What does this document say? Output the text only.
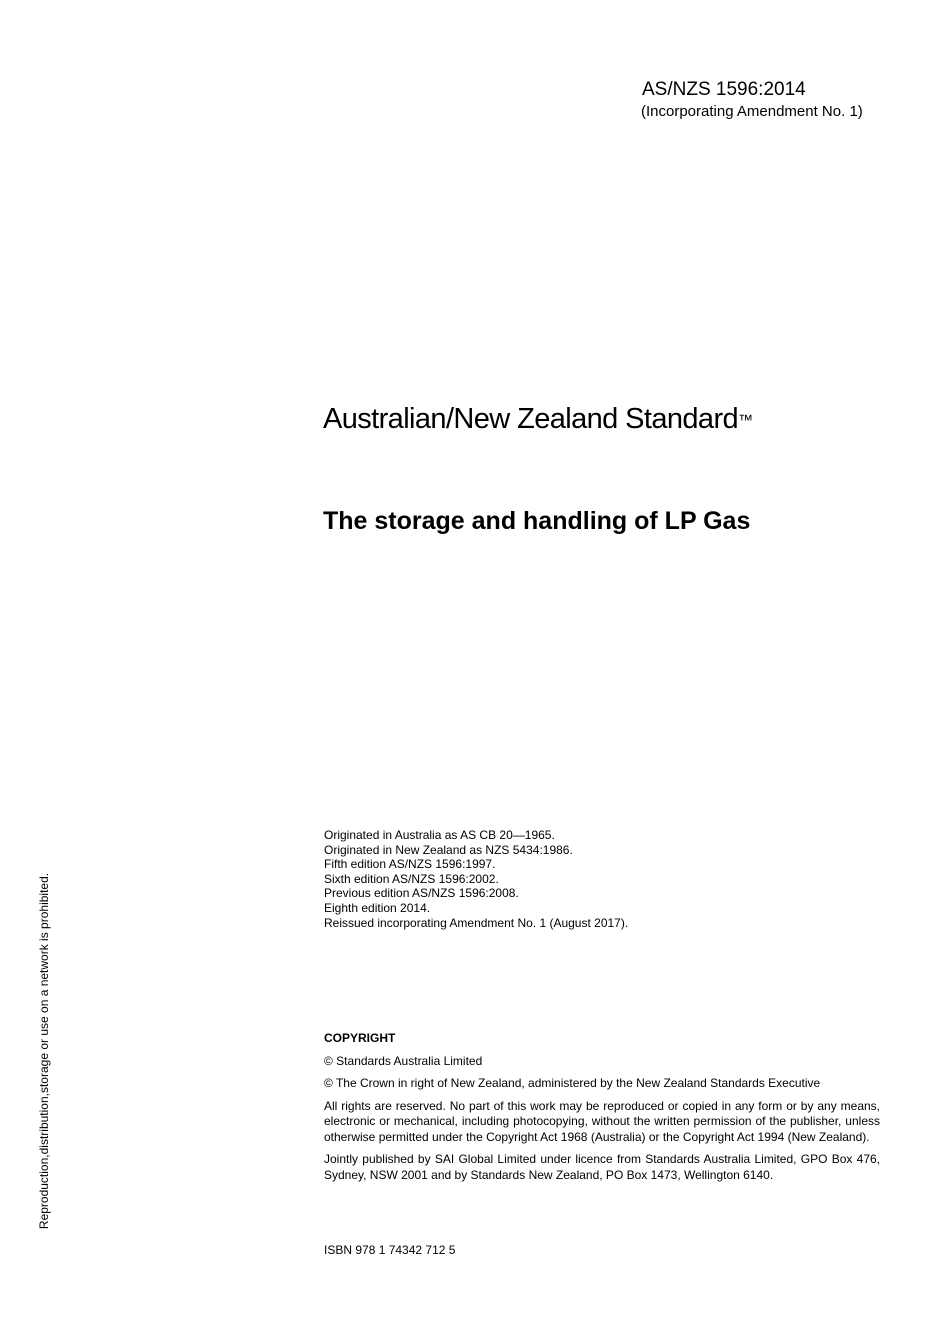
AS/NZS 1596:2014
(Incorporating Amendment No. 1)
Australian/New Zealand Standard™
The storage and handling of LP Gas
Originated in Australia as AS CB 20—1965.
Originated in New Zealand as NZS 5434:1986.
Fifth edition AS/NZS 1596:1997.
Sixth edition AS/NZS 1596:2002.
Previous edition AS/NZS 1596:2008.
Eighth edition 2014.
Reissued incorporating Amendment No. 1 (August 2017).
COPYRIGHT

© Standards Australia Limited

© The Crown in right of New Zealand, administered by the New Zealand Standards Executive

All rights are reserved. No part of this work may be reproduced or copied in any form or by any means, electronic or mechanical, including photocopying, without the written permission of the publisher, unless otherwise permitted under the Copyright Act 1968 (Australia) or the Copyright Act 1994 (New Zealand).

Jointly published by SAI Global Limited under licence from Standards Australia Limited, GPO Box 476, Sydney, NSW 2001 and by Standards New Zealand, PO Box 1473, Wellington 6140.

ISBN 978 1 74342 712 5
Reproduction,distribution,storage or use on a network is prohibited.
